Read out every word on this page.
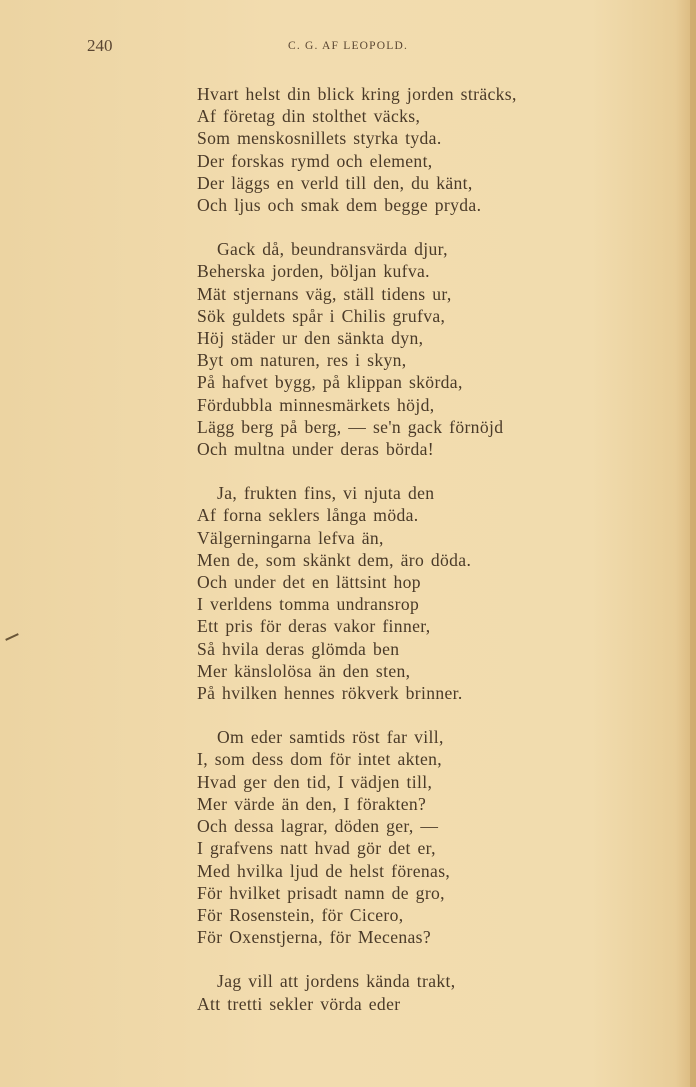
240	C. G. AF LEOPOLD.
Hvart helst din blick kring jorden sträcks,
Af företag din stolthet väcks,
Som menskosnillets styrka tyda.
Der forskas rymd och element,
Der läggs en verld till den, du känt,
Och ljus och smak dem begge pryda.
Gack då, beundransvärda djur,
Beherska jorden, böljan kufva.
Mät stjernans väg, ställ tidens ur,
Sök guldets spår i Chilis grufva,
Höj städer ur den sänkta dyn,
Byt om naturen, res i skyn,
På hafvet bygg, på klippan skörda,
Fördubbla minnesmärkets höjd,
Lägg berg på berg, — se'n gack förnöjd
Och multna under deras börda!
Ja, frukten fins, vi njuta den
Af forna seklers långa möda.
Välgerningarna lefva än,
Men de, som skänkt dem, äro döda.
Och under det en lättsint hop
I verldens tomma undransrop
Ett pris för deras vakor finner,
Så hvila deras glömda ben
Mer känslolösa än den sten,
På hvilken hennes rökverk brinner.
Om eder samtids röst far vill,
I, som dess dom för intet akten,
Hvad ger den tid, I vädjen till,
Mer värde än den, I förakten?
Och dessa lagrar, döden ger, —
I grafvens natt hvad gör det er,
Med hvilka ljud de helst förenas,
För hvilket prisadt namn de gro,
För Rosenstein, för Cicero,
För Oxenstjerna, för Mecenas?
Jag vill att jordens kända trakt,
Att tretti sekler vörda eder
